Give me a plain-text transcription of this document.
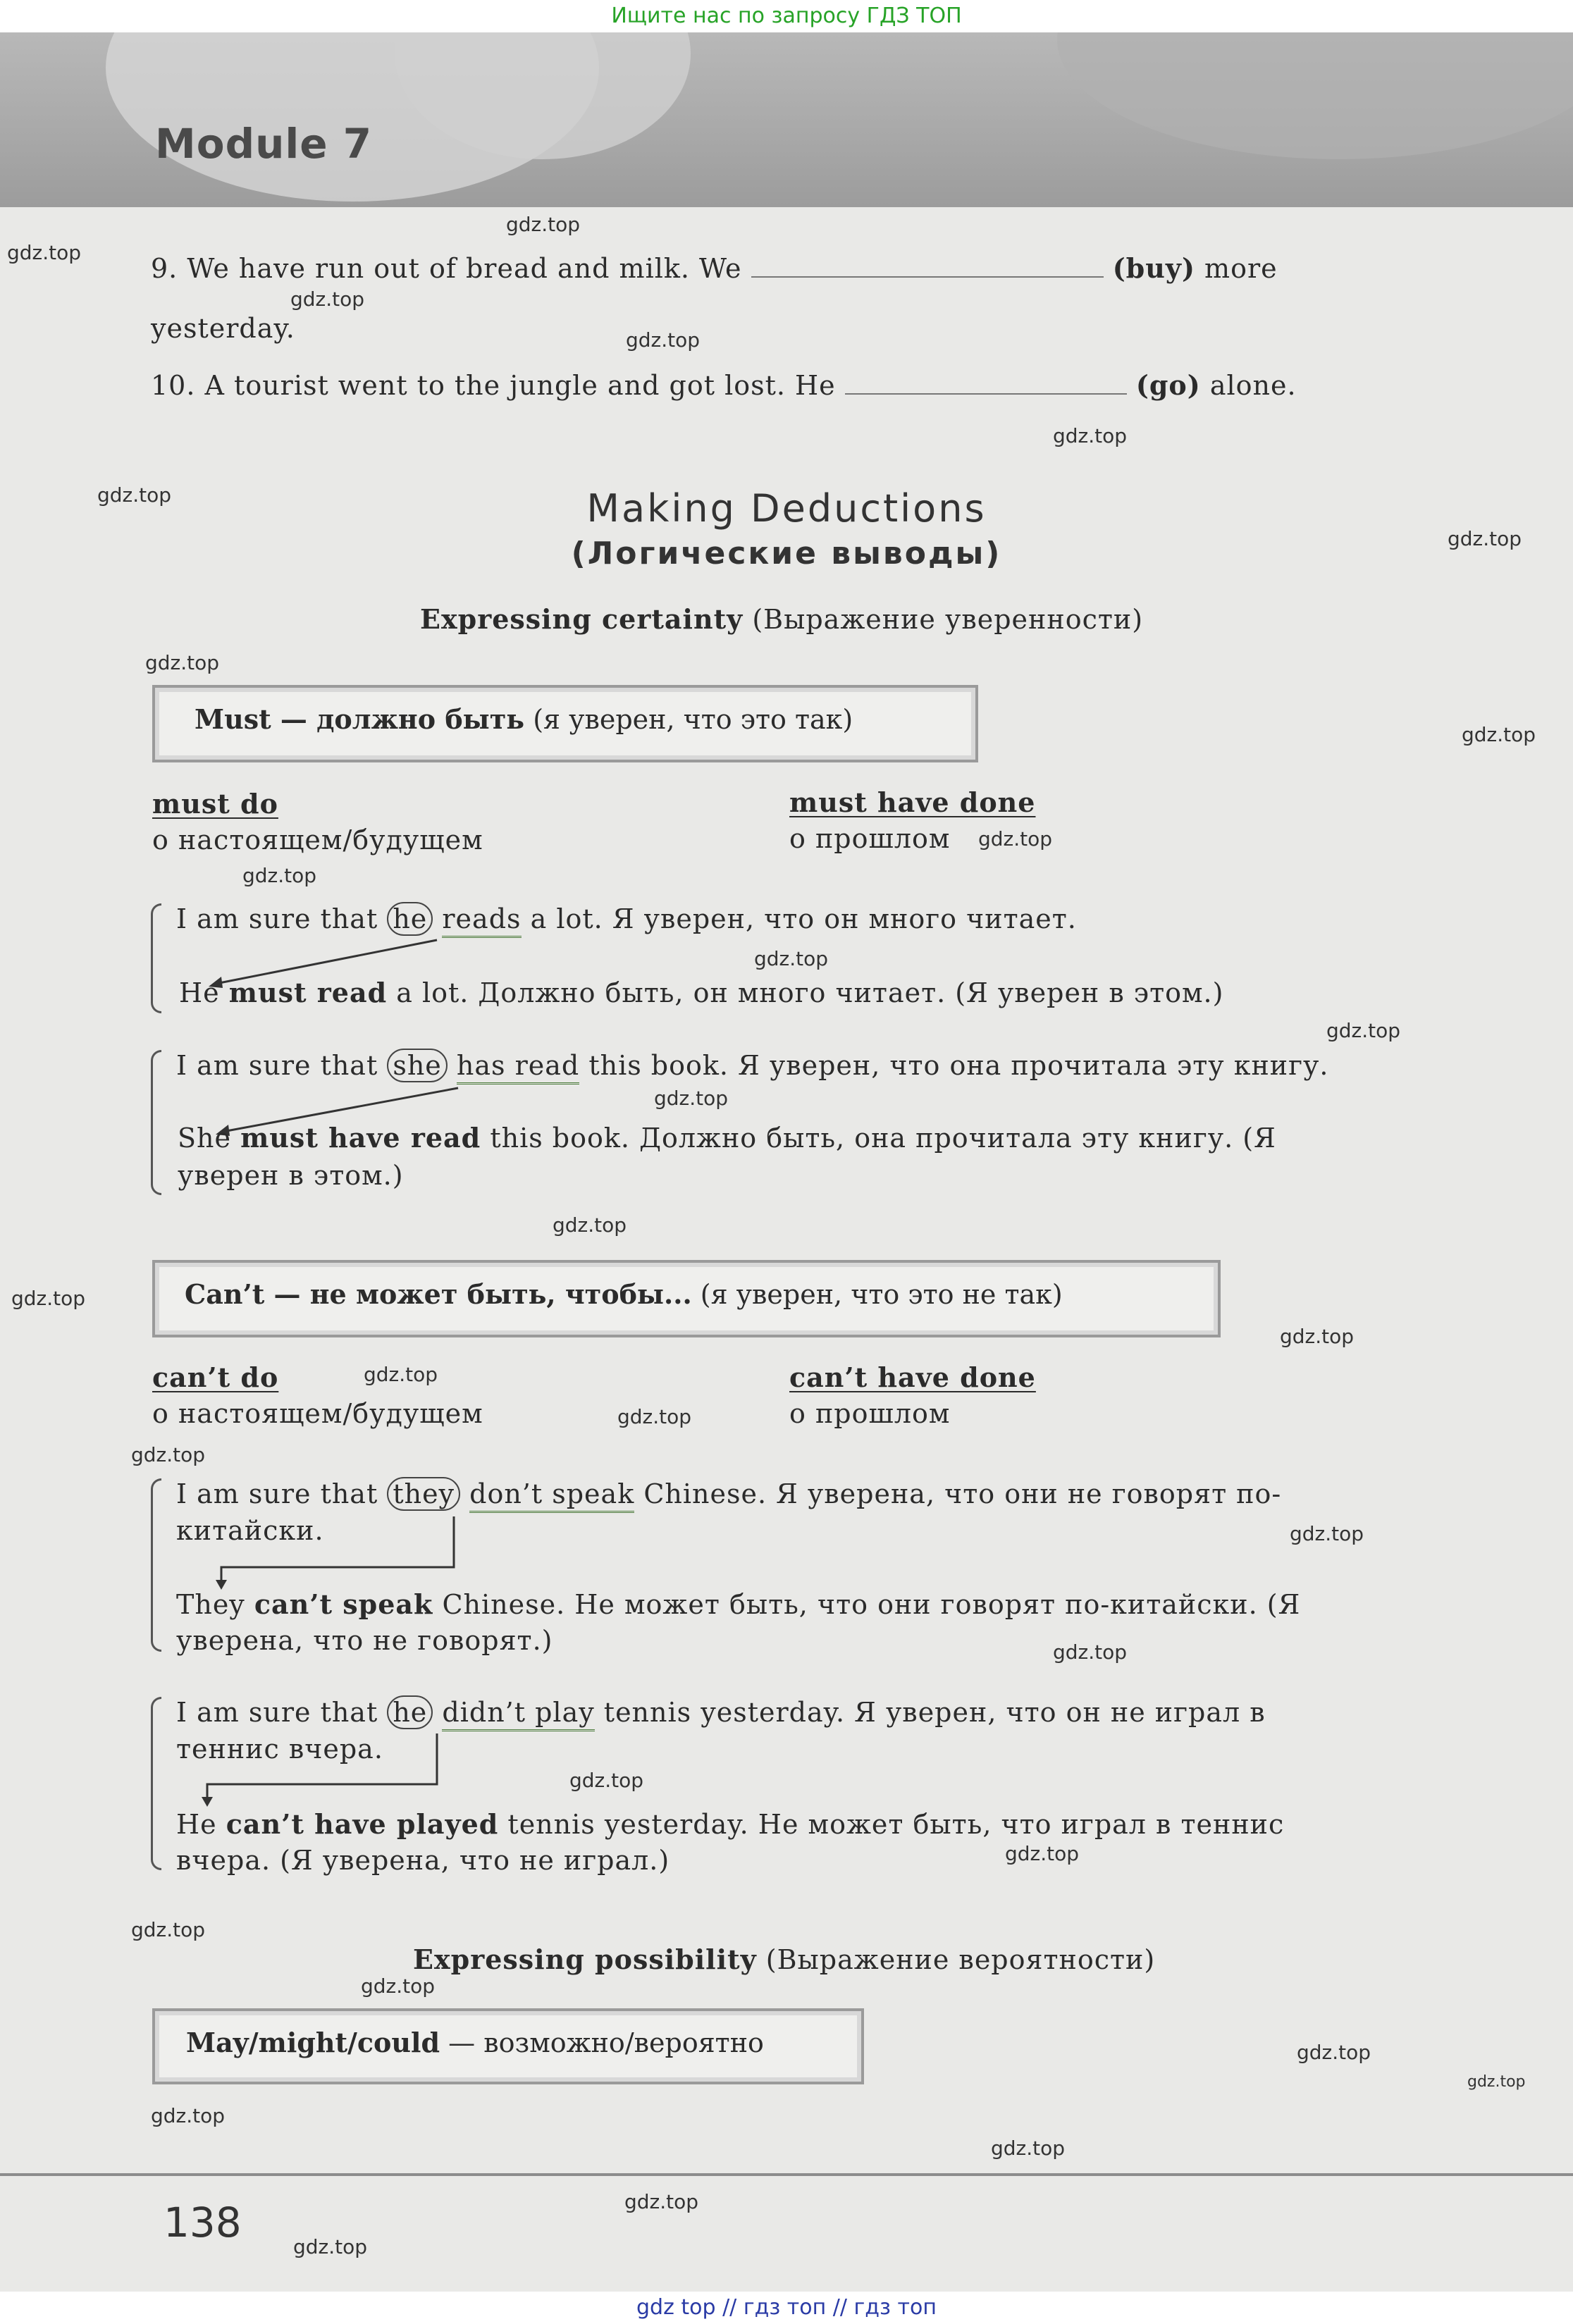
Ищите нас по запросу ГДЗ ТОП
Module 7
9. We have run out of bread and milk. We	(buy) more
yesterday.
10. A tourist went to the jungle and got lost. He	(go) alone.
Making Deductions
(Логические выводы)
Expressing certainty (Выражение уверенности)
Must — должно быть (я уверен, что это так)
must do
о настоящем/будущем
must have done
о прошлом
I am sure that he reads a lot. Я уверен, что он много читает.
He must read a lot. Должно быть, он много читает. (Я уверен в этом.)
I am sure that she has read this book. Я уверен, что она прочитала эту книгу.
She must have read this book. Должно быть, она прочитала эту книгу. (Я
уверен в этом.)
Can’t — не может быть, чтобы... (я уверен, что это не так)
can’t do
о настоящем/будущем
can’t have done
о прошлом
I am sure that they don’t speak Chinese. Я уверена, что они не говорят по-
китайски.
They can’t speak Chinese. Не может быть, что они говорят по-китайски. (Я
уверена, что не говорят.)
I am sure that he didn’t play tennis yesterday. Я уверен, что он не играл в
теннис вчера.
He can’t have played tennis yesterday. Не может быть, что играл в теннис
вчера. (Я уверена, что не играл.)
Expressing possibility (Выражение вероятности)
May/might/could — возможно/вероятно
138
gdz.top
gdz.top
gdz.top
gdz.top
gdz.top
gdz.top
gdz.top
gdz.top
gdz.top
gdz.top
gdz.top
gdz.top
gdz.top
gdz.top
gdz.top
gdz.top
gdz.top
gdz.top
gdz.top
gdz.top
gdz.top
gdz.top
gdz.top
gdz.top
gdz.top
gdz.top
gdz.top
gdz.top
gdz.top
gdz.top
gdz.top
gdz.top
gdz top // гдз топ // гдз топ
